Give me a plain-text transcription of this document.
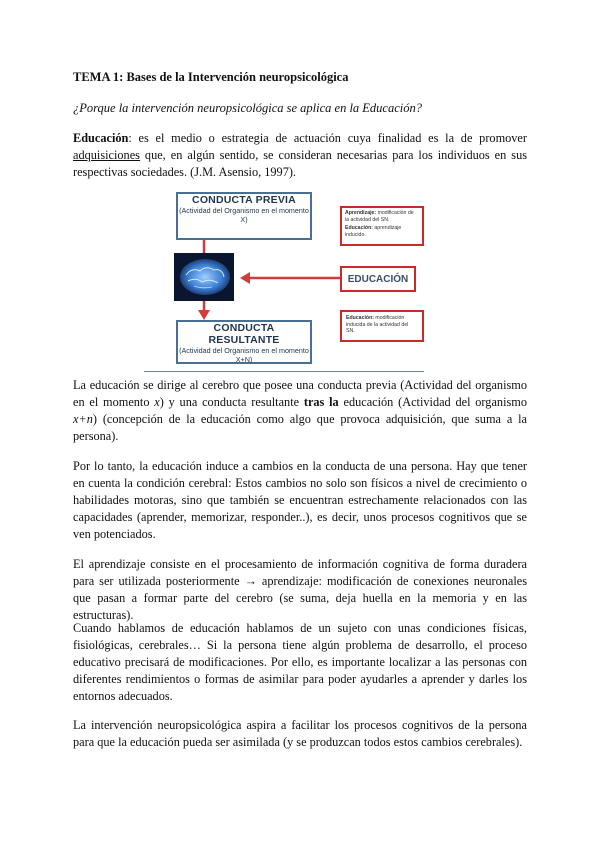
TEMA 1: Bases de la Intervención neuropsicológica
¿Porque la intervención neuropsicológica se aplica en la Educación?

Educación: es el medio o estrategia de actuación cuya finalidad es la de promover adquisiciones que, en algún sentido, se consideran necesarias para los individuos en sus respectivas sociedades. (J.M. Asensio, 1997).

CONDUCTA PREVIA
(Actividad del Organismo en el momento X)
CONDUCTA RESULTANTE
(Actividad del Organismo en el momento X+N)
Aprendizaje: modificación de la actividad del SN.
Educación: aprendizaje inducido.
EDUCACIÓN
Educación: modificación inducida de la actividad del SN.

La educación se dirige al cerebro que posee una conducta previa (Actividad del organismo en el momento x) y una conducta resultante tras la educación (Actividad del organismo x+n) (concepción de la educación como algo que provoca adquisición, que suma a la persona).

Por lo tanto, la educación induce a cambios en la conducta de una persona. Hay que tener en cuenta la condición cerebral: Estos cambios no solo son físicos a nivel de crecimiento o habilidades motoras, sino que también se encuentran estrechamente relacionados con las capacidades (aprender, memorizar, responder..), es decir, unos procesos cognitivos que se ven potenciados.

El aprendizaje consiste en el procesamiento de información cognitiva de forma duradera para ser utilizada posteriormente → aprendizaje: modificación de conexiones neuronales que pasan a formar parte del cerebro (se suma, deja huella en la memoria y en las estructuras).

Cuando hablamos de educación hablamos de un sujeto con unas condiciones físicas, fisiológicas, cerebrales… Si la persona tiene algún problema de desarrollo, el proceso educativo precisará de modificaciones. Por ello, es importante localizar a las personas con diferentes rendimientos o formas de asimilar para poder ayudarles a aprender y darles los entornos adecuados.

La intervención neuropsicológica aspira a facilitar los procesos cognitivos de la persona para que la educación pueda ser asimilada (y se produzcan todos estos cambios cerebrales).
